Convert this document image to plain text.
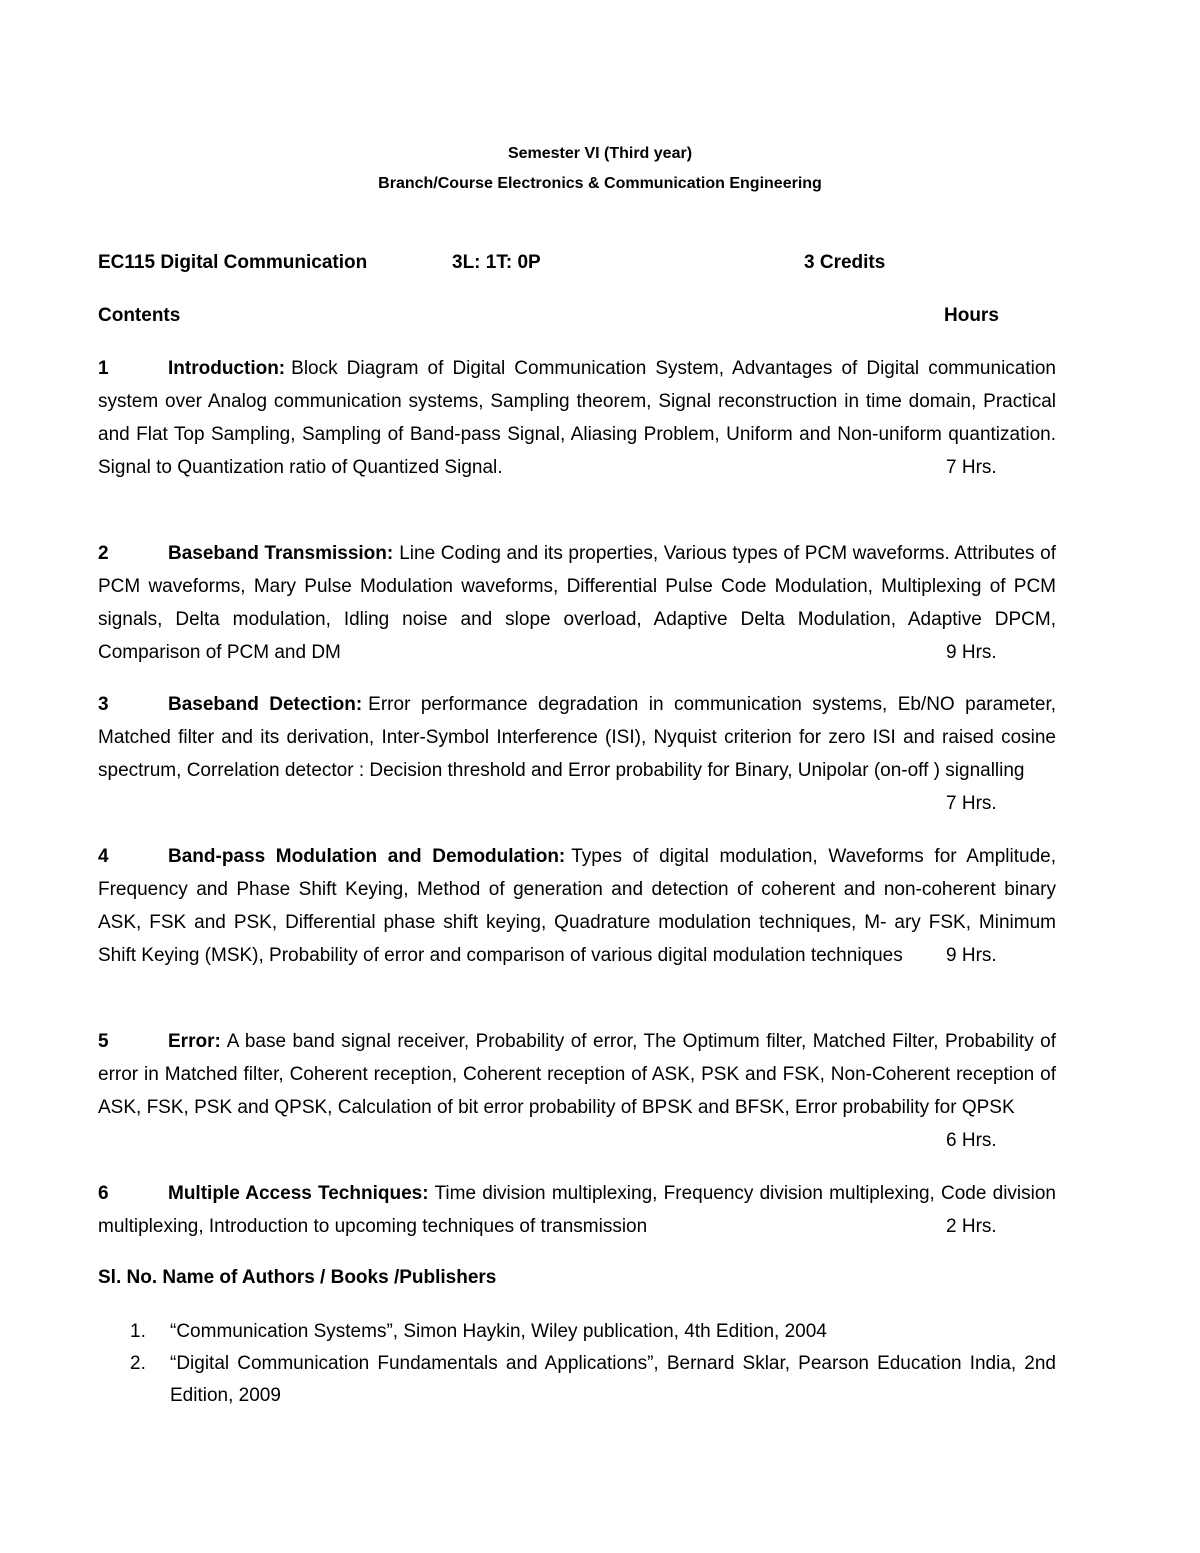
Semester VI (Third year)
Branch/Course Electronics & Communication Engineering
EC115 Digital Communication	3L: 1T: 0P	3 Credits
Contents	Hours

1	Introduction: Block Diagram of Digital Communication System, Advantages of Digital communication system over Analog communication systems, Sampling theorem, Signal reconstruction in time domain, Practical and Flat Top Sampling, Sampling of Band-pass Signal, Aliasing Problem, Uniform and Non-uniform quantization. Signal to Quantization ratio of Quantized Signal.	7 Hrs.

2	Baseband Transmission: Line Coding and its properties, Various types of PCM waveforms. Attributes of PCM waveforms, Mary Pulse Modulation waveforms, Differential Pulse Code Modulation, Multiplexing of PCM signals, Delta modulation, Idling noise and slope overload, Adaptive Delta Modulation, Adaptive DPCM, Comparison of PCM and DM	9 Hrs.

3	Baseband Detection: Error performance degradation in communication systems, Eb/NO parameter, Matched filter and its derivation, Inter-Symbol Interference (ISI), Nyquist criterion for zero ISI and raised cosine spectrum, Correlation detector : Decision threshold and Error probability for Binary, Unipolar (on-off ) signalling
7 Hrs.

4	Band-pass Modulation and Demodulation: Types of digital modulation, Waveforms for Amplitude, Frequency and Phase Shift Keying, Method of generation and detection of coherent and non-coherent binary ASK, FSK and PSK, Differential phase shift keying, Quadrature modulation techniques, M- ary FSK, Minimum Shift Keying (MSK), Probability of error and comparison of various digital modulation techniques 9 Hrs.

5	Error: A base band signal receiver, Probability of error, The Optimum filter, Matched Filter, Probability of error in Matched filter, Coherent reception, Coherent reception of ASK, PSK and FSK, Non-Coherent reception of ASK, FSK, PSK and QPSK, Calculation of bit error probability of BPSK and BFSK, Error probability for QPSK
6 Hrs.

6	Multiple Access Techniques: Time division multiplexing, Frequency division multiplexing, Code division multiplexing, Introduction to upcoming techniques of transmission	2 Hrs.

Sl. No. Name of Authors / Books /Publishers
1. “Communication Systems”, Simon Haykin, Wiley publication, 4th Edition, 2004
2. “Digital Communication Fundamentals and Applications”, Bernard Sklar, Pearson Education India, 2nd Edition, 2009
